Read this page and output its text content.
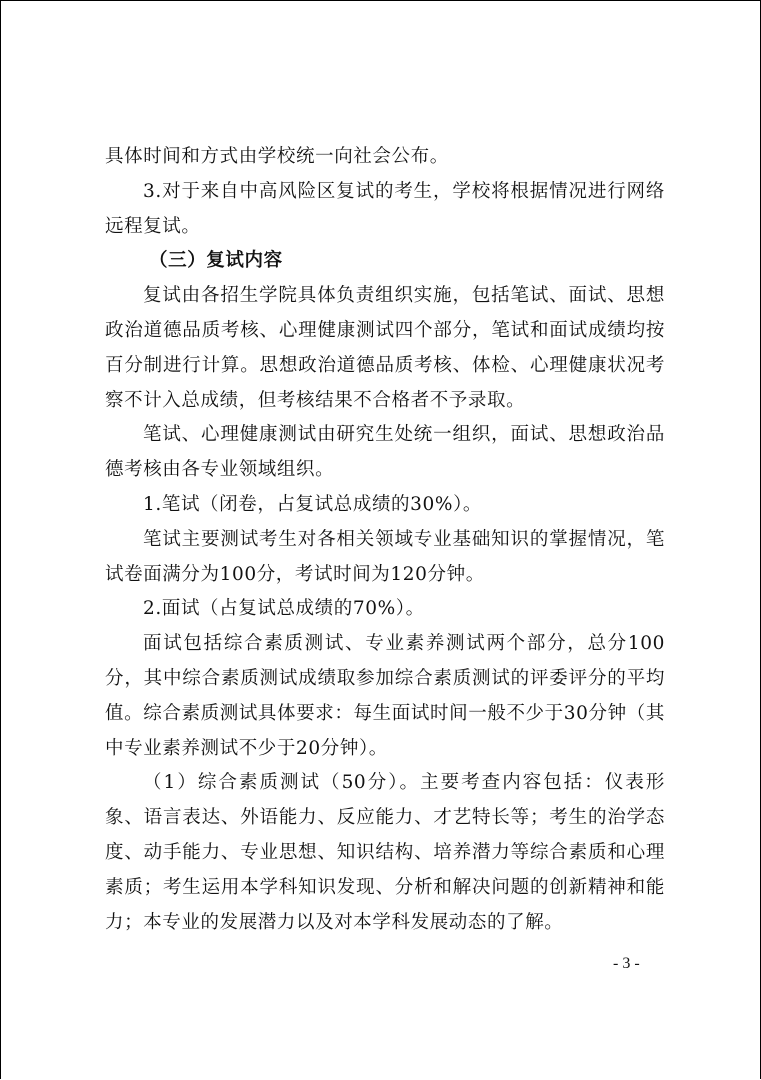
具体时间和方式由学校统一向社会公布。

3.对于来自中高风险区复试的考生，学校将根据情况进行网络远程复试。

（三）复试内容

复试由各招生学院具体负责组织实施，包括笔试、面试、思想政治道德品质考核、心理健康测试四个部分，笔试和面试成绩均按百分制进行计算。思想政治道德品质考核、体检、心理健康状况考察不计入总成绩，但考核结果不合格者不予录取。

笔试、心理健康测试由研究生处统一组织，面试、思想政治品德考核由各专业领域组织。

1.笔试（闭卷，占复试总成绩的30%）。

笔试主要测试考生对各相关领域专业基础知识的掌握情况，笔试卷面满分为100分，考试时间为120分钟。

2.面试（占复试总成绩的70%）。

面试包括综合素质测试、专业素养测试两个部分，总分100分，其中综合素质测试成绩取参加综合素质测试的评委评分的平均值。综合素质测试具体要求：每生面试时间一般不少于30分钟（其中专业素养测试不少于20分钟）。

（1）综合素质测试（50分）。主要考查内容包括：仪表形象、语言表达、外语能力、反应能力、才艺特长等；考生的治学态度、动手能力、专业思想、知识结构、培养潜力等综合素质和心理素质；考生运用本学科知识发现、分析和解决问题的创新精神和能力；本专业的发展潜力以及对本学科发展动态的了解。

- 3 -
